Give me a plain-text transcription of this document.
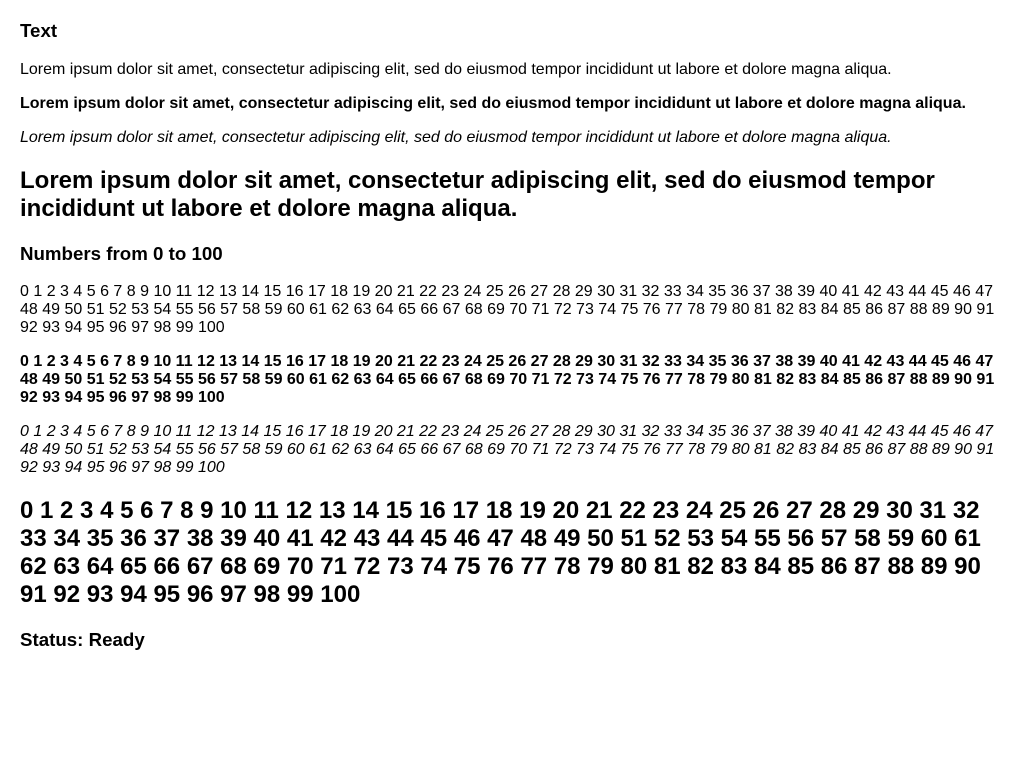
Text

Lorem ipsum dolor sit amet, consectetur adipiscing elit, sed do eiusmod tempor incididunt ut labore et dolore magna aliqua.

Lorem ipsum dolor sit amet, consectetur adipiscing elit, sed do eiusmod tempor incididunt ut labore et dolore magna aliqua.

Lorem ipsum dolor sit amet, consectetur adipiscing elit, sed do eiusmod tempor incididunt ut labore et dolore magna aliqua.

Lorem ipsum dolor sit amet, consectetur adipiscing elit, sed do eiusmod tempor incididunt ut labore et dolore magna aliqua.
Numbers from 0 to 100

0 1 2 3 4 5 6 7 8 9 10 11 12 13 14 15 16 17 18 19 20 21 22 23 24 25 26 27 28 29 30 31 32 33 34 35 36 37 38 39 40 41 42 43 44 45 46 47 48 49 50 51 52 53 54 55 56 57 58 59 60 61 62 63 64 65 66 67 68 69 70 71 72 73 74 75 76 77 78 79 80 81 82 83 84 85 86 87 88 89 90 91 92 93 94 95 96 97 98 99 100

0 1 2 3 4 5 6 7 8 9 10 11 12 13 14 15 16 17 18 19 20 21 22 23 24 25 26 27 28 29 30 31 32 33 34 35 36 37 38 39 40 41 42 43 44 45 46 47 48 49 50 51 52 53 54 55 56 57 58 59 60 61 62 63 64 65 66 67 68 69 70 71 72 73 74 75 76 77 78 79 80 81 82 83 84 85 86 87 88 89 90 91 92 93 94 95 96 97 98 99 100

0 1 2 3 4 5 6 7 8 9 10 11 12 13 14 15 16 17 18 19 20 21 22 23 24 25 26 27 28 29 30 31 32 33 34 35 36 37 38 39 40 41 42 43 44 45 46 47 48 49 50 51 52 53 54 55 56 57 58 59 60 61 62 63 64 65 66 67 68 69 70 71 72 73 74 75 76 77 78 79 80 81 82 83 84 85 86 87 88 89 90 91 92 93 94 95 96 97 98 99 100

0 1 2 3 4 5 6 7 8 9 10 11 12 13 14 15 16 17 18 19 20 21 22 23 24 25 26 27 28 29 30 31 32 33 34 35 36 37 38 39 40 41 42 43 44 45 46 47 48 49 50 51 52 53 54 55 56 57 58 59 60 61 62 63 64 65 66 67 68 69 70 71 72 73 74 75 76 77 78 79 80 81 82 83 84 85 86 87 88 89 90 91 92 93 94 95 96 97 98 99 100
Status: Ready
